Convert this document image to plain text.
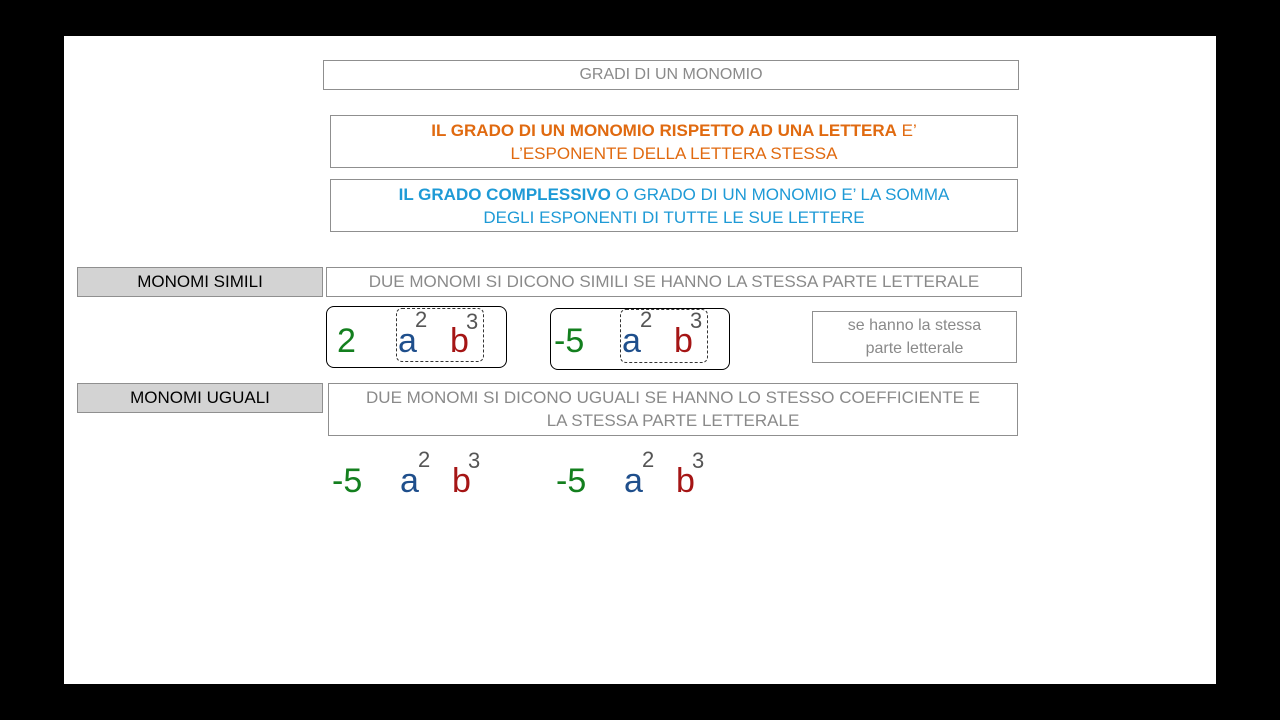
GRADI DI UN MONOMIO
IL GRADO DI UN MONOMIO RISPETTO AD UNA LETTERA E’
L’ESPONENTE DELLA LETTERA STESSA
IL GRADO COMPLESSIVO O GRADO DI UN MONOMIO E’ LA SOMMA
DEGLI ESPONENTI DI TUTTE LE SUE LETTERE
MONOMI SIMILI	DUE MONOMI SI DICONO SIMILI SE HANNO LA STESSA PARTE LETTERALE
2 a
2
b
3
-5 a
2
b
3	se hanno la stessa
parte letterale
MONOMI UGUALI	DUE MONOMI SI DICONO UGUALI SE HANNO LO STESSO COEFFICIENTE E
LA STESSA PARTE LETTERALE
-5 a
2
b
3
-5 a
2
b
3
